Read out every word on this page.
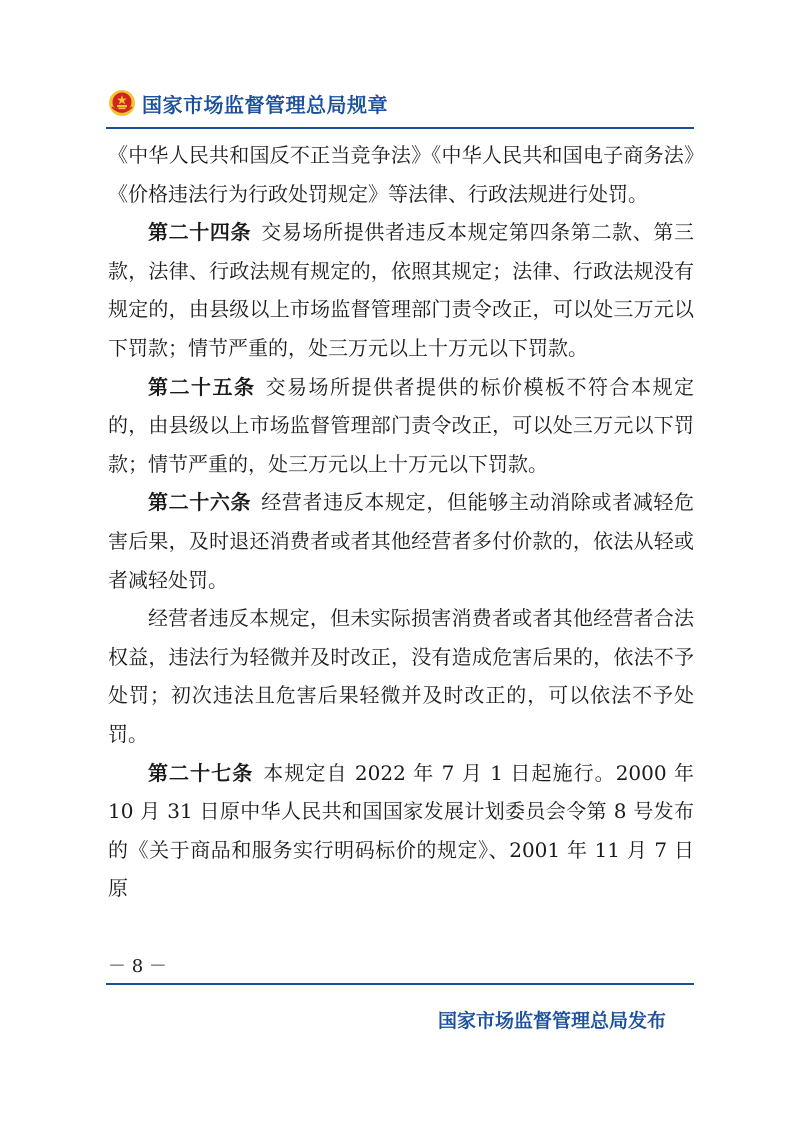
国家市场监督管理总局规章

《中华人民共和国反不正当竞争法》《中华人民共和国电子商务法》《价格违法行为行政处罚规定》等法律、行政法规进行处罚。

第二十四条 交易场所提供者违反本规定第四条第二款、第三款，法律、行政法规有规定的，依照其规定；法律、行政法规没有规定的，由县级以上市场监督管理部门责令改正，可以处三万元以下罚款；情节严重的，处三万元以上十万元以下罚款。

第二十五条 交易场所提供者提供的标价模板不符合本规定的，由县级以上市场监督管理部门责令改正，可以处三万元以下罚款；情节严重的，处三万元以上十万元以下罚款。

第二十六条 经营者违反本规定，但能够主动消除或者减轻危害后果，及时退还消费者或者其他经营者多付价款的，依法从轻或者减轻处罚。

经营者违反本规定，但未实际损害消费者或者其他经营者合法权益，违法行为轻微并及时改正，没有造成危害后果的，依法不予处罚；初次违法且危害后果轻微并及时改正的，可以依法不予处罚。

第二十七条 本规定自 2022 年 7 月 1 日起施行。2000 年 10 月 31 日原中华人民共和国国家发展计划委员会令第 8 号发布的《关于商品和服务实行明码标价的规定》、2001 年 11 月 7 日原

－ 8 －
国家市场监督管理总局发布
